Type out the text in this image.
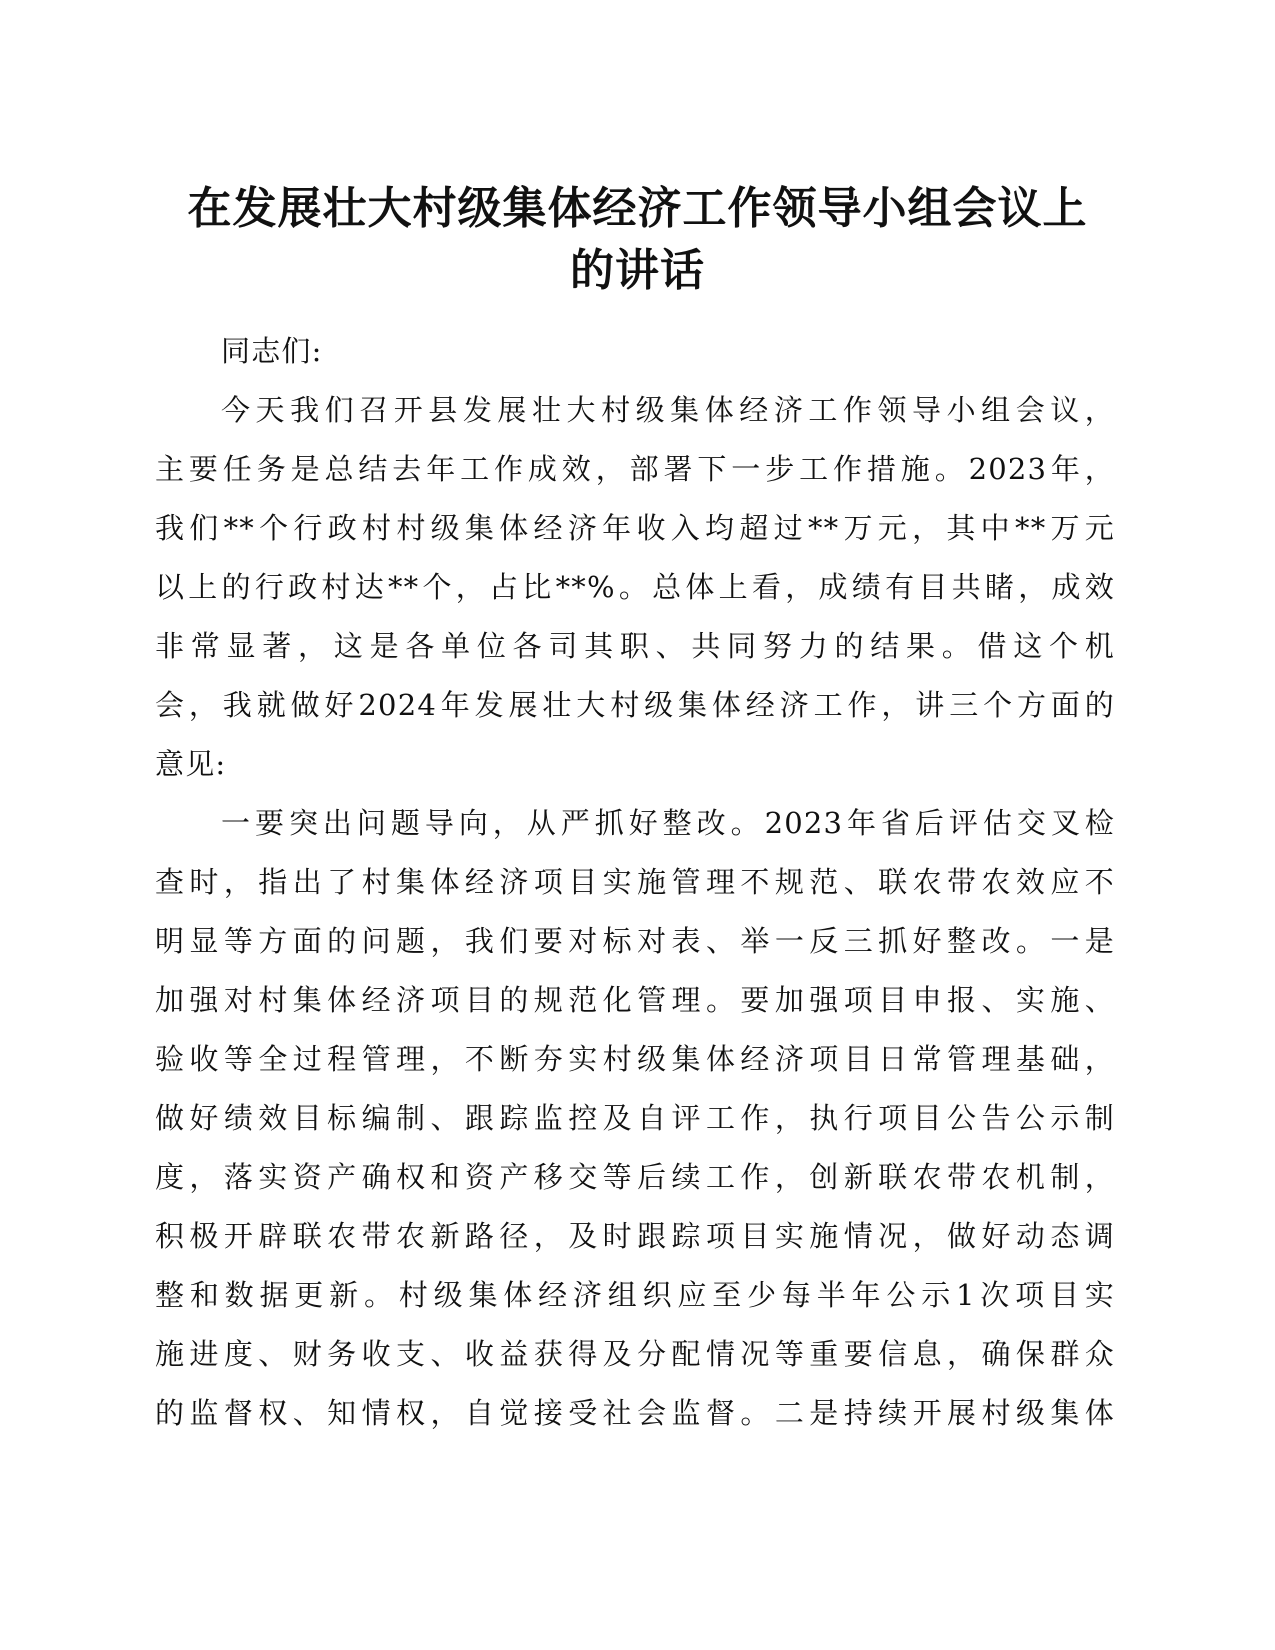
在发展壮大村级集体经济工作领导小组会议上
的讲话
同志们:
今天我们召开县发展壮大村级集体经济工作领导小组会议，
主要任务是总结去年工作成效，部署下一步工作措施。2023年，
我们**个行政村村级集体经济年收入均超过**万元，其中**万元
以上的行政村达**个，占比**%。总体上看，成绩有目共睹，成效
非常显著，这是各单位各司其职、共同努力的结果。借这个机
会，我就做好2024年发展壮大村级集体经济工作，讲三个方面的
意见:
一要突出问题导向，从严抓好整改。2023年省后评估交叉检
查时，指出了村集体经济项目实施管理不规范、联农带农效应不
明显等方面的问题，我们要对标对表、举一反三抓好整改。一是
加强对村集体经济项目的规范化管理。要加强项目申报、实施、
验收等全过程管理，不断夯实村级集体经济项目日常管理基础，
做好绩效目标编制、跟踪监控及自评工作，执行项目公告公示制
度，落实资产确权和资产移交等后续工作，创新联农带农机制，
积极开辟联农带农新路径，及时跟踪项目实施情况，做好动态调
整和数据更新。村级集体经济组织应至少每半年公示1次项目实
施进度、财务收支、收益获得及分配情况等重要信息，确保群众
的监督权、知情权，自觉接受社会监督。二是持续开展村级集体
